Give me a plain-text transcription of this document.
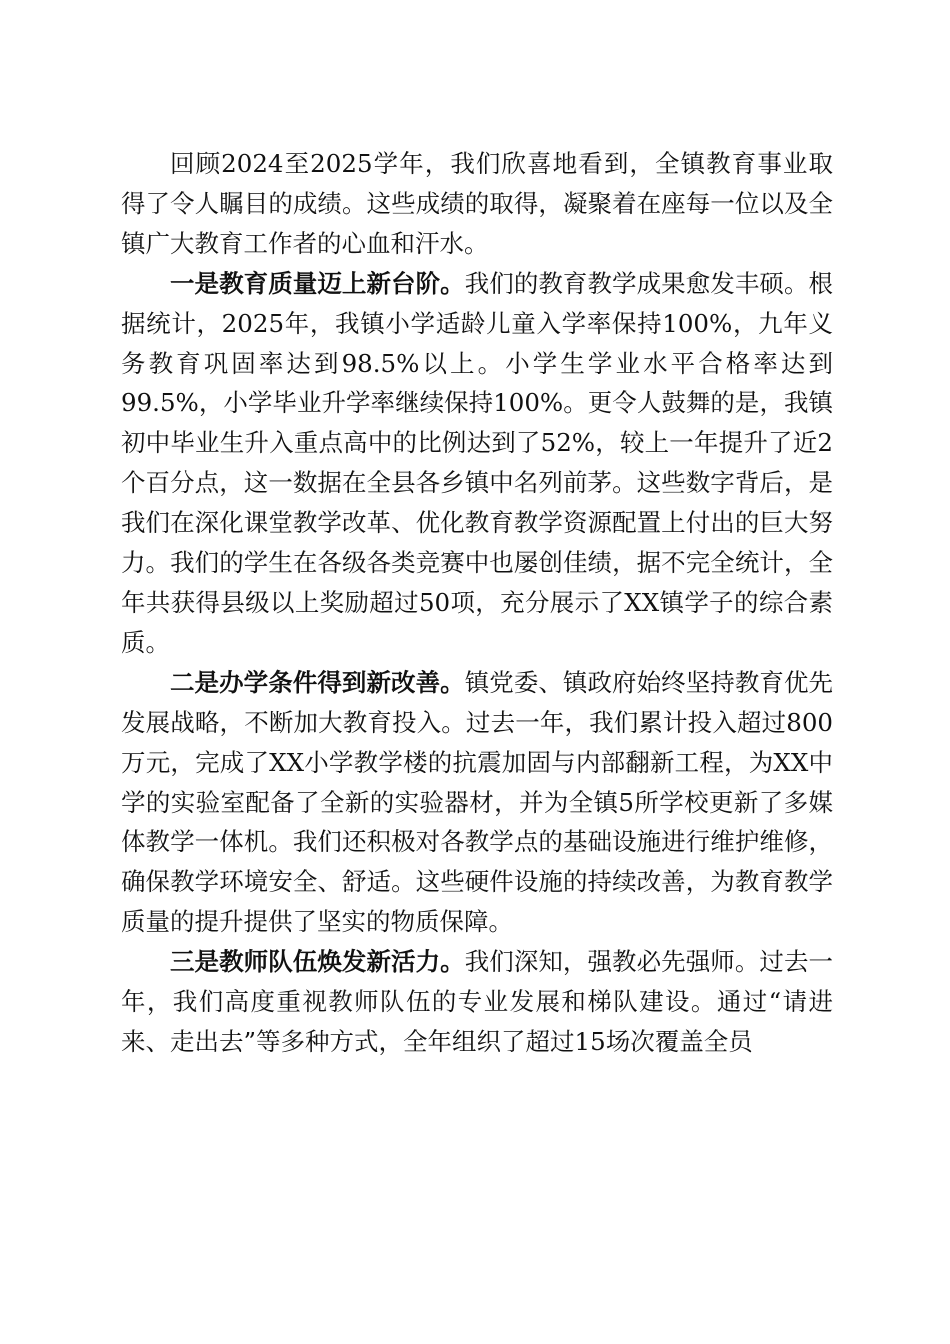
回顾2024至2025学年，我们欣喜地看到，全镇教育事业取得了令人瞩目的成绩。这些成绩的取得，凝聚着在座每一位以及全镇广大教育工作者的心血和汗水。

一是教育质量迈上新台阶。我们的教育教学成果愈发丰硕。根据统计，2025年，我镇小学适龄儿童入学率保持100%，九年义务教育巩固率达到98.5%以上。小学生学业水平合格率达到99.5%，小学毕业升学率继续保持100%。更令人鼓舞的是，我镇初中毕业生升入重点高中的比例达到了52%，较上一年提升了近2个百分点，这一数据在全县各乡镇中名列前茅。这些数字背后，是我们在深化课堂教学改革、优化教育教学资源配置上付出的巨大努力。我们的学生在各级各类竞赛中也屡创佳绩，据不完全统计，全年共获得县级以上奖励超过50项，充分展示了XX镇学子的综合素质。

二是办学条件得到新改善。镇党委、镇政府始终坚持教育优先发展战略，不断加大教育投入。过去一年，我们累计投入超过800万元，完成了XX小学教学楼的抗震加固与内部翻新工程，为XX中学的实验室配备了全新的实验器材，并为全镇5所学校更新了多媒体教学一体机。我们还积极对各教学点的基础设施进行维护维修，确保教学环境安全、舒适。这些硬件设施的持续改善，为教育教学质量的提升提供了坚实的物质保障。

三是教师队伍焕发新活力。我们深知，强教必先强师。过去一年，我们高度重视教师队伍的专业发展和梯队建设。通过“请进来、走出去”等多种方式，全年组织了超过15场次覆盖全员
